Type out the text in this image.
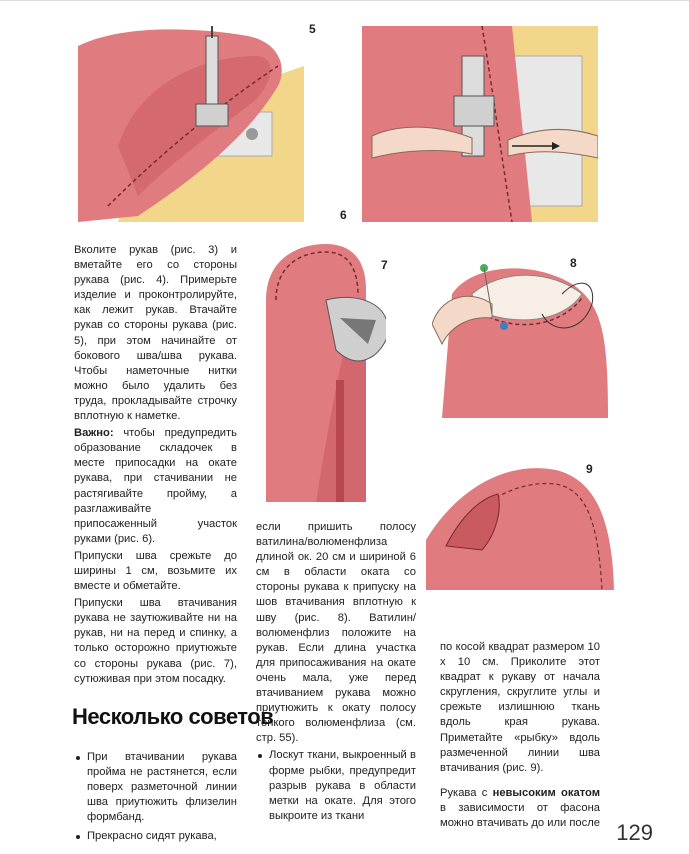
5
6
7	8
9

Вколите рукав (рис. 3) и вметайте его со стороны рукава (рис. 4). Примерьте изделие и проконтролируйте, как лежит рукав. Втачайте рукав со стороны рукава (рис. 5), при этом начинайте от бокового шва/шва рукава. Чтобы наметочные нитки можно было удалить без труда, прокладывайте строчку вплотную к наметке.

Важно: чтобы предупредить образование складочек в месте припосадки на окате рукава, при стачивании не растягивайте пройму, а разглаживайте припосаженный участок руками (рис. 6).

Припуски шва срежьте до ширины 1 см, возьмите их вместе и обметайте.

Припуски шва втачивания рукава не заутюживайте ни на рукав, ни на перед и спинку, а только осторожно приутюжьте со стороны рукава (рис. 7), сутюживая при этом посадку.

Несколько советов
При втачивании рукава пройма не растянется, если поверх разметочной линии шва приутюжить флизелин формбанд.
Прекрасно сидят рукава,

если пришить полосу ватилина/волюменфлиза длиной ок. 20 см и шириной 6 см в области оката со стороны рукава к припуску на шов втачивания вплотную к шву (рис. 8). Ватилин/волюменфлиз положите на рукав. Если длина участка для припосаживания на окате очень мала, уже перед втачиванием рукава можно приутюжить к окату полосу тонкого волюменфлиза (см. стр. 55).

Лоскут ткани, выкроенный в форме рыбки, предупредит разрыв рукава в области метки на окате. Для этого выкроите из ткани

по косой квадрат размером 10 х 10 см. Приколите этот квадрат к рукаву от начала скругления, скруглите углы и срежьте излишнюю ткань вдоль края рукава. Приметайте «рыбку» вдоль размеченной линии шва втачивания (рис. 9).

Рукава с невысоким окатом в зависимости от фасона можно втачивать до или после 129
